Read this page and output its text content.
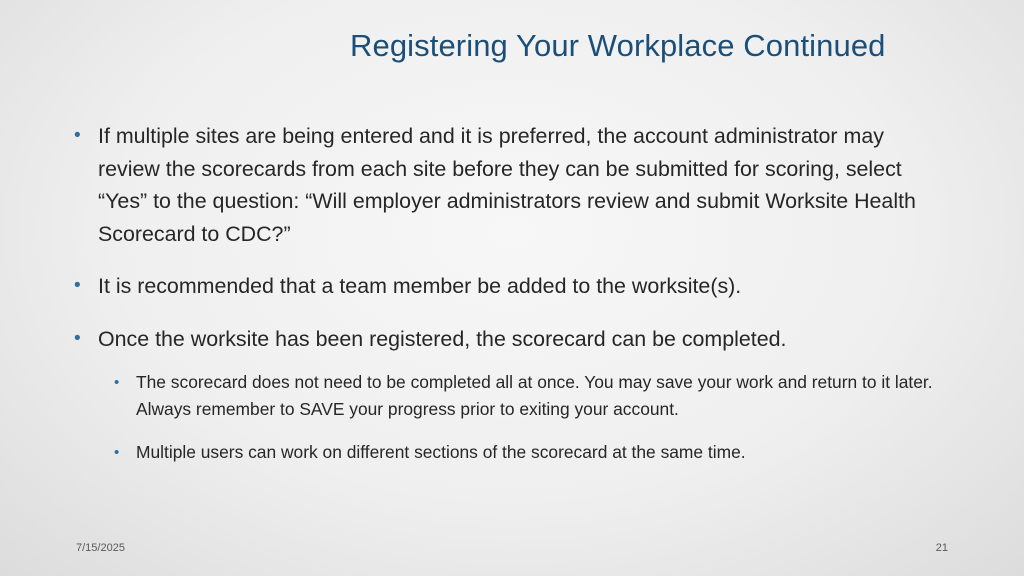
Registering Your Workplace Continued
• If multiple sites are being entered and it is preferred, the account administrator may review the scorecards from each site before they can be submitted for scoring, select “Yes” to the question: “Will employer administrators review and submit Worksite Health Scorecard to CDC?”
• It is recommended that a team member be added to the worksite(s).
• Once the worksite has been registered, the scorecard can be completed.
• The scorecard does not need to be completed all at once. You may save your work and return to it later. Always remember to SAVE your progress prior to exiting your account.
• Multiple users can work on different sections of the scorecard at the same time.
7/15/2025	21
